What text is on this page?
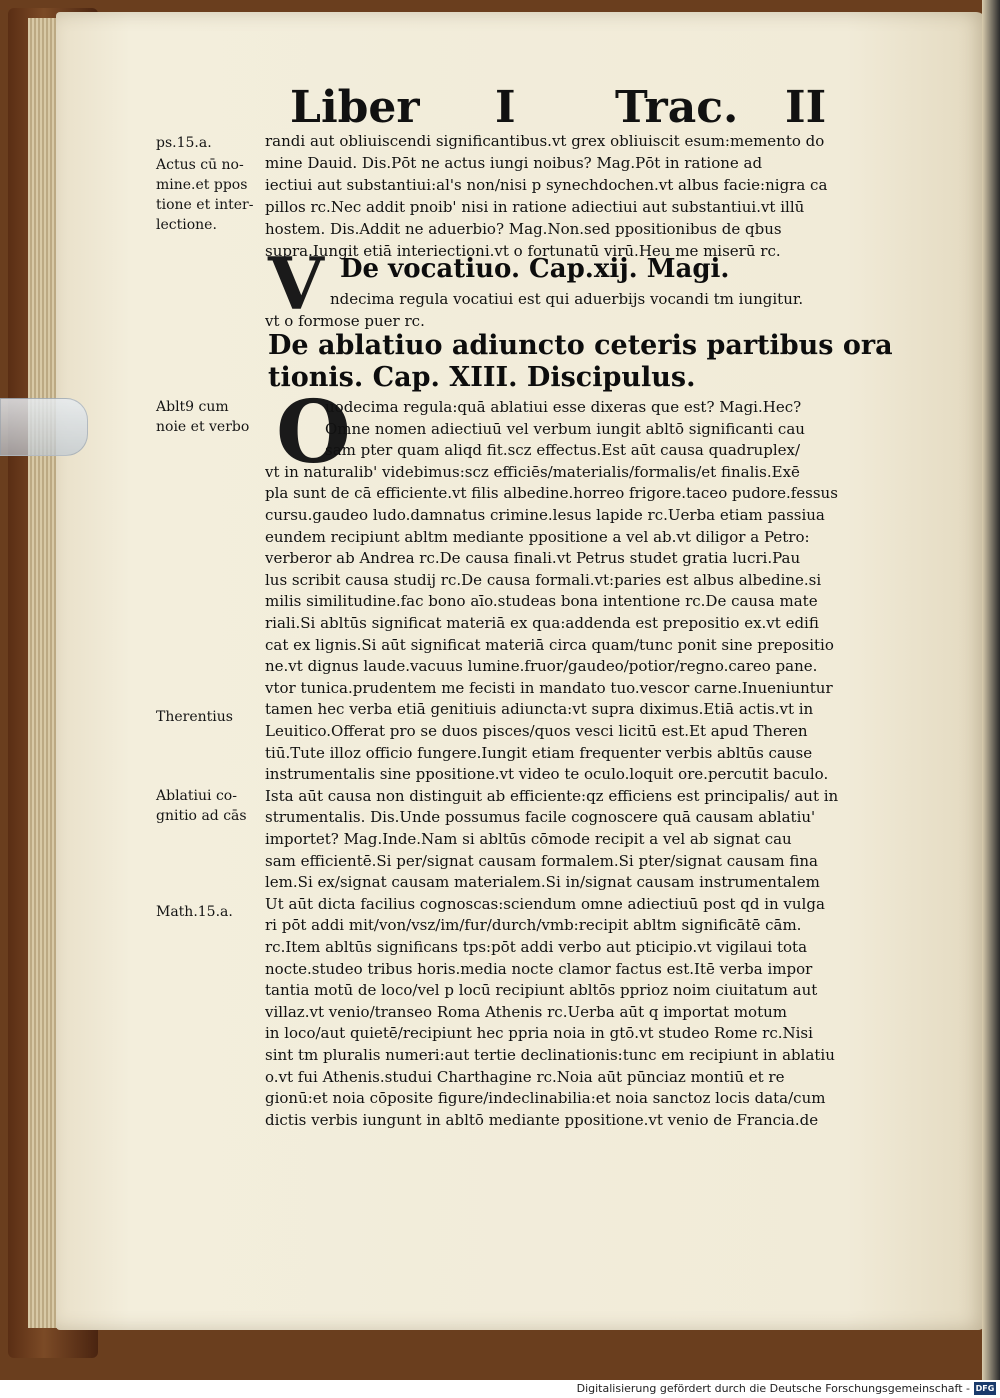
Liber I Trac. II
ps.15.a.
Actus cū no-
mine.et ppos
tione et inter-
lectione.
Ablt9 cum
noie et verbo
Therentius
Ablatiui co-
gnitio ad cās
Math.15.a.
randi aut obliuiscendi significantibus.vt grex obliuiscit esum:memento do
mine Dauid. Dis.Pōt ne actus iungi noibus? Mag.Pōt in ratione ad
iectiui aut substantiui:al's non/nisi p synechdochen.vt albus facie:nigra ca
pillos rc.Nec addit pnoib' nisi in ratione adiectiui aut substantiui.vt illū
hostem. Dis.Addit ne aduerbio? Mag.Non.sed ppositionibus de qbus
supra.Iungit etiā interiectioni.vt o fortunatū virū.Heu me miserū rc.
V De vocatiuo. Cap.xij. Magi.
ndecima regula vocatiui est qui aduerbijs vocandi tm iungitur.
vt o formose puer rc.
De ablatiuo adiuncto ceteris partibus ora
tionis. Cap. XIII. Discipulus.
O
uodecima regula:quā ablatiui esse dixeras que est? Magi.Hec?
Omne nomen adiectiuū vel verbum iungit abltō significanti cau
sam pter quam aliqd fit.scz effectus.Est aūt causa quadruplex/
vt in naturalib' videbimus:scz efficiēs/materialis/formalis/et finalis.Exē
pla sunt de cā efficiente.vt filis albedine.horreo frigore.taceo pudore.fessus
cursu.gaudeo ludo.damnatus crimine.lesus lapide rc.Uerba etiam passiua
eundem recipiunt abltm mediante ppositione a vel ab.vt diligor a Petro:
verberor ab Andrea rc.De causa finali.vt Petrus studet gratia lucri.Pau
lus scribit causa studij rc.De causa formali.vt:paries est albus albedine.si
milis similitudine.fac bono aīo.studeas bona intentione rc.De causa mate
riali.Si abltūs significat materiā ex qua:addenda est prepositio ex.vt edifi
cat ex lignis.Si aūt significat materiā circa quam/tunc ponit sine prepositio
ne.vt dignus laude.vacuus lumine.fruor/gaudeo/potior/regno.careo pane.
vtor tunica.prudentem me fecisti in mandato tuo.vescor carne.Inueniuntur
tamen hec verba etiā genitiuis adiuncta:vt supra diximus.Etiā actis.vt in
Leuitico.Offerat pro se duos pisces/quos vesci licitū est.Et apud Theren
tiū.Tute illoz officio fungere.Iungit etiam frequenter verbis abltūs cause
instrumentalis sine ppositione.vt video te oculo.loquit ore.percutit baculo.
Ista aūt causa non distinguit ab efficiente:qz efficiens est principalis/ aut in
strumentalis. Dis.Unde possumus facile cognoscere quā causam ablatiu'
importet? Mag.Inde.Nam si abltūs cōmode recipit a vel ab signat cau
sam efficientē.Si per/signat causam formalem.Si pter/signat causam fina
lem.Si ex/signat causam materialem.Si in/signat causam instrumentalem
Ut aūt dicta facilius cognoscas:sciendum omne adiectiuū post qd in vulga
ri pōt addi mit/von/vsz/im/fur/durch/vmb:recipit abltm significātē cām.
rc.Item abltūs significans tps:pōt addi verbo aut pticipio.vt vigilaui tota
nocte.studeo tribus horis.media nocte clamor factus est.Itē verba impor
tantia motū de loco/vel p locū recipiunt abltōs pprioz noim ciuitatum aut
villaz.vt venio/transeo Roma Athenis rc.Uerba aūt q importat motum
in loco/aut quietē/recipiunt hec ppria noia in gtō.vt studeo Rome rc.Nisi
sint tm pluralis numeri:aut tertie declinationis:tunc em recipiunt in ablatiu
o.vt fui Athenis.studui Charthagine rc.Noia aūt pūnciaz montiū et re
gionū:et noia cōposite figure/indeclinabilia:et noia sanctoz locis data/cum
dictis verbis iungunt in abltō mediante ppositione.vt venio de Francia.de
Digitalisierung gefördert durch die Deutsche Forschungsgemeinschaft - DFG
